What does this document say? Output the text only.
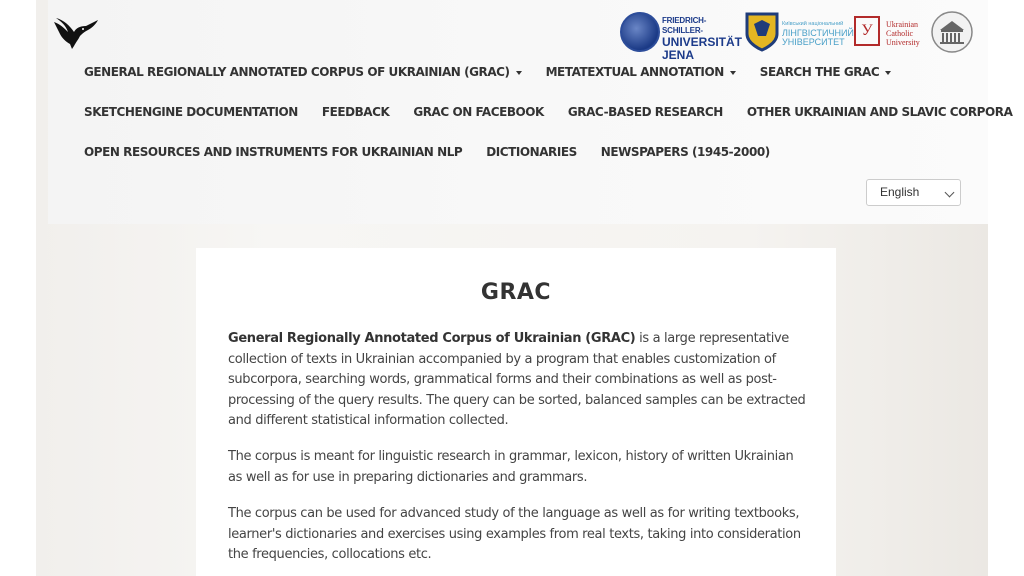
FRIEDRICH-SCHILLER-
UNIVERSITÄT
JENA
Київський національний
ЛІНГВІСТИЧНИЙ
УНІВЕРСИТЕТ
У	Ukrainian
Catholic
University
GENERAL REGIONALLY ANNOTATED CORPUS OF UKRAINIAN (GRAC)	METATEXTUAL ANNOTATION	SEARCH THE GRAC
SKETCHENGINE DOCUMENTATION	FEEDBACK	GRAC ON FACEBOOK	GRAC-BASED RESEARCH	OTHER UKRAINIAN AND SLAVIC CORPORA
OPEN RESOURCES AND INSTRUMENTS FOR UKRAINIAN NLP	DICTIONARIES	NEWSPAPERS (1945-2000)
English
GRAC

General Regionally Annotated Corpus of Ukrainian (GRAC) is a large representative collection of texts in Ukrainian accompanied by a program that enables customization of subcorpora, searching words, grammatical forms and their combinations as well as post-processing of the query results. The query can be sorted, balanced samples can be extracted and different statistical information collected.

The corpus is meant for linguistic research in grammar, lexicon, history of written Ukrainian as well as for use in preparing dictionaries and grammars.

The corpus can be used for advanced study of the language as well as for writing textbooks, learner's dictionaries and exercises using examples from real texts, taking into consideration the frequencies, collocations etc.
